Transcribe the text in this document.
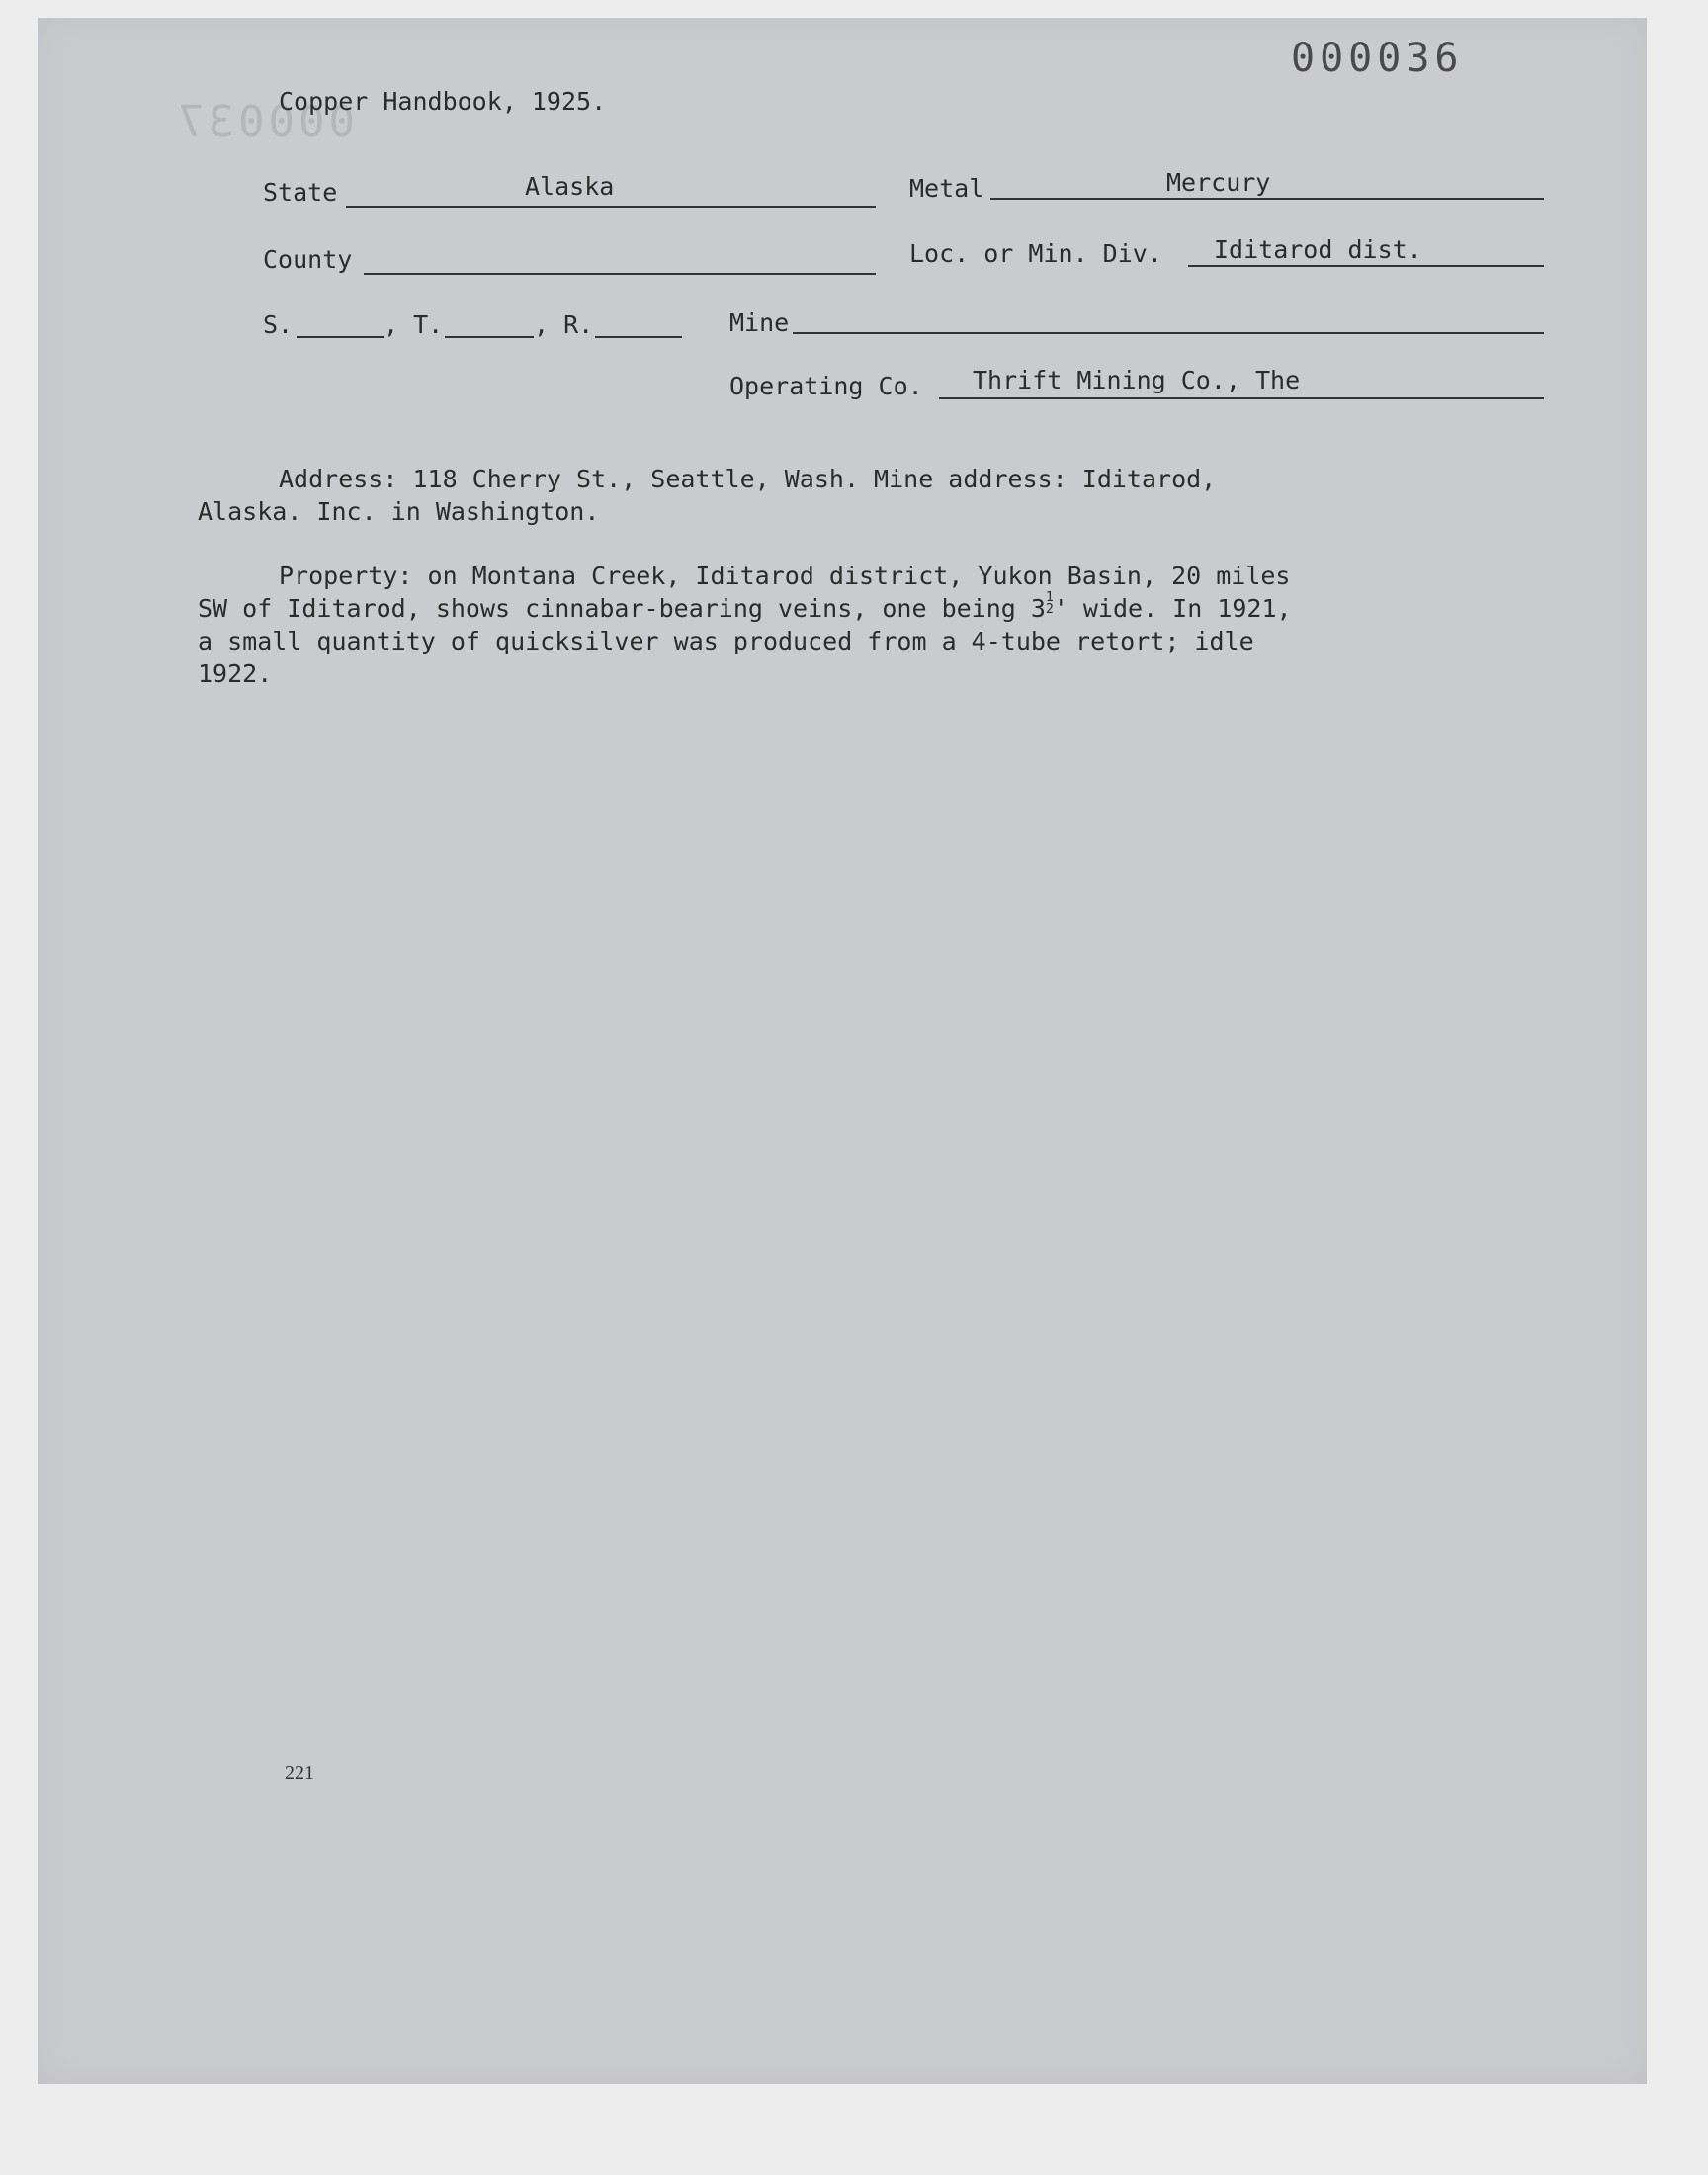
000037
000036
Copper Handbook, 1925.
State	Alaska	Metal	Mercury
County	Loc. or Min. Div. Iditarod dist.
S.	, T.	, R.	Mine
Operating Co. Thrift Mining Co., The
Address: 118 Cherry St., Seattle, Wash. Mine address: Iditarod,
Alaska. Inc. in Washington.
Property: on Montana Creek, Iditarod district, Yukon Basin, 20 miles
SW of Iditarod, shows cinnabar-bearing veins, one being 31
2' wide. In 1921,
a small quantity of quicksilver was produced from a 4-tube retort; idle
1922.
221
